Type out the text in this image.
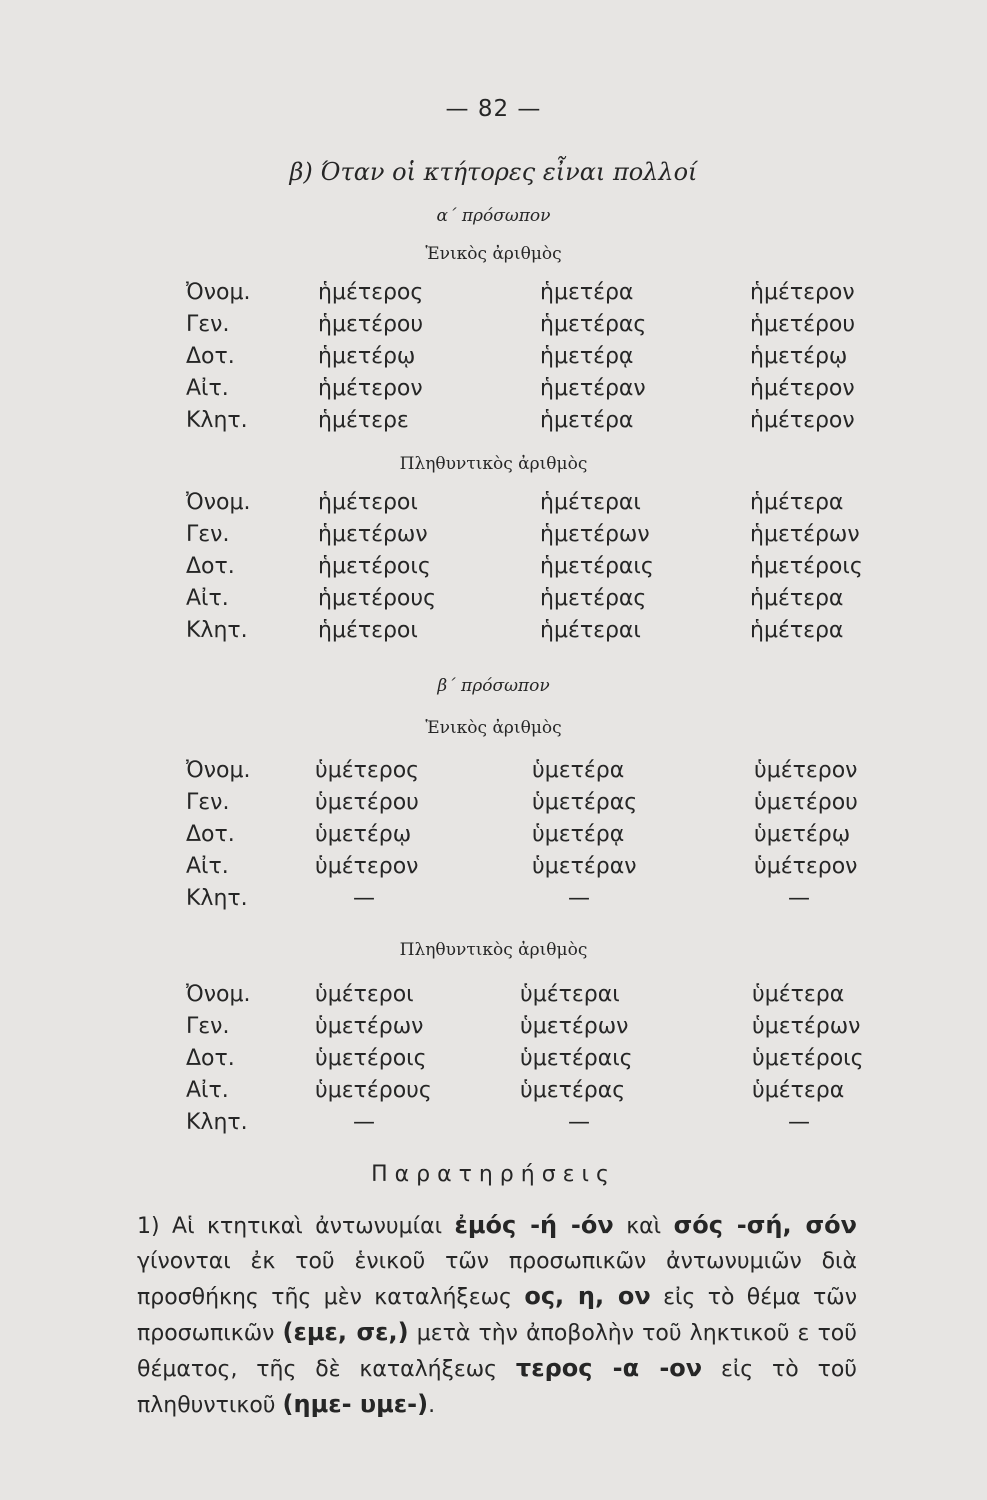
— 82 —
β) Όταν οἱ κτήτορες εἶναι πολλοί
α΄ πρόσωπον
Ἑνικὸς ἀριθμὸς
Ὀνομ.	ἡμέτερος	ἡμετέρα	ἡμέτερον
Γεν.	ἡμετέρου	ἡμετέρας	ἡμετέρου
Δοτ.	ἡμετέρῳ	ἡμετέρᾳ	ἡμετέρῳ
Αἰτ.	ἡμέτερον	ἡμετέραν	ἡμέτερον
Κλητ.	ἡμέτερε	ἡμετέρα	ἡμέτερον
Πληθυντικὸς ἀριθμὸς
Ὀνομ.	ἡμέτεροι	ἡμέτεραι	ἡμέτερα
Γεν.	ἡμετέρων	ἡμετέρων	ἡμετέρων
Δοτ.	ἡμετέροις	ἡμετέραις	ἡμετέροις
Αἰτ.	ἡμετέρους	ἡμετέρας	ἡμέτερα
Κλητ.	ἡμέτεροι	ἡμέτεραι	ἡμέτερα
β΄ πρόσωπον
Ἑνικὸς ἀριθμὸς
Ὀνομ.	ὑμέτερος	ὑμετέρα	ὑμέτερον
Γεν.	ὑμετέρου	ὑμετέρας	ὑμετέρου
Δοτ.	ὑμετέρῳ	ὑμετέρᾳ	ὑμετέρῳ
Αἰτ.	ὑμέτερον	ὑμετέραν	ὑμέτερον
Κλητ.	—	—	—
Πληθυντικὸς ἀριθμὸς
Ὀνομ.	ὑμέτεροι	ὑμέτεραι	ὑμέτερα
Γεν.	ὑμετέρων	ὑμετέρων	ὑμετέρων
Δοτ.	ὑμετέροις	ὑμετέραις	ὑμετέροις
Αἰτ.	ὑμετέρους	ὑμετέρας	ὑμέτερα
Κλητ.	—	—	—
Παρατηρήσεις
1) Αἱ κτητικαὶ ἀντωνυμίαι ἐμός -ή -όν καὶ σός -σή, σόν γίνονται ἐκ τοῦ ἑνικοῦ τῶν προσωπικῶν ἀντωνυμιῶν διὰ προσθήκης τῆς μὲν καταλήξεως ος, η, ον εἰς τὸ θέμα τῶν προσωπικῶν (εμε, σε,) μετὰ τὴν ἀποβολὴν τοῦ ληκτικοῦ ε τοῦ θέματος, τῆς δὲ καταλήξεως τερος -α -ον εἰς τὸ τοῦ πληθυντικοῦ (ημε- υμε-).
